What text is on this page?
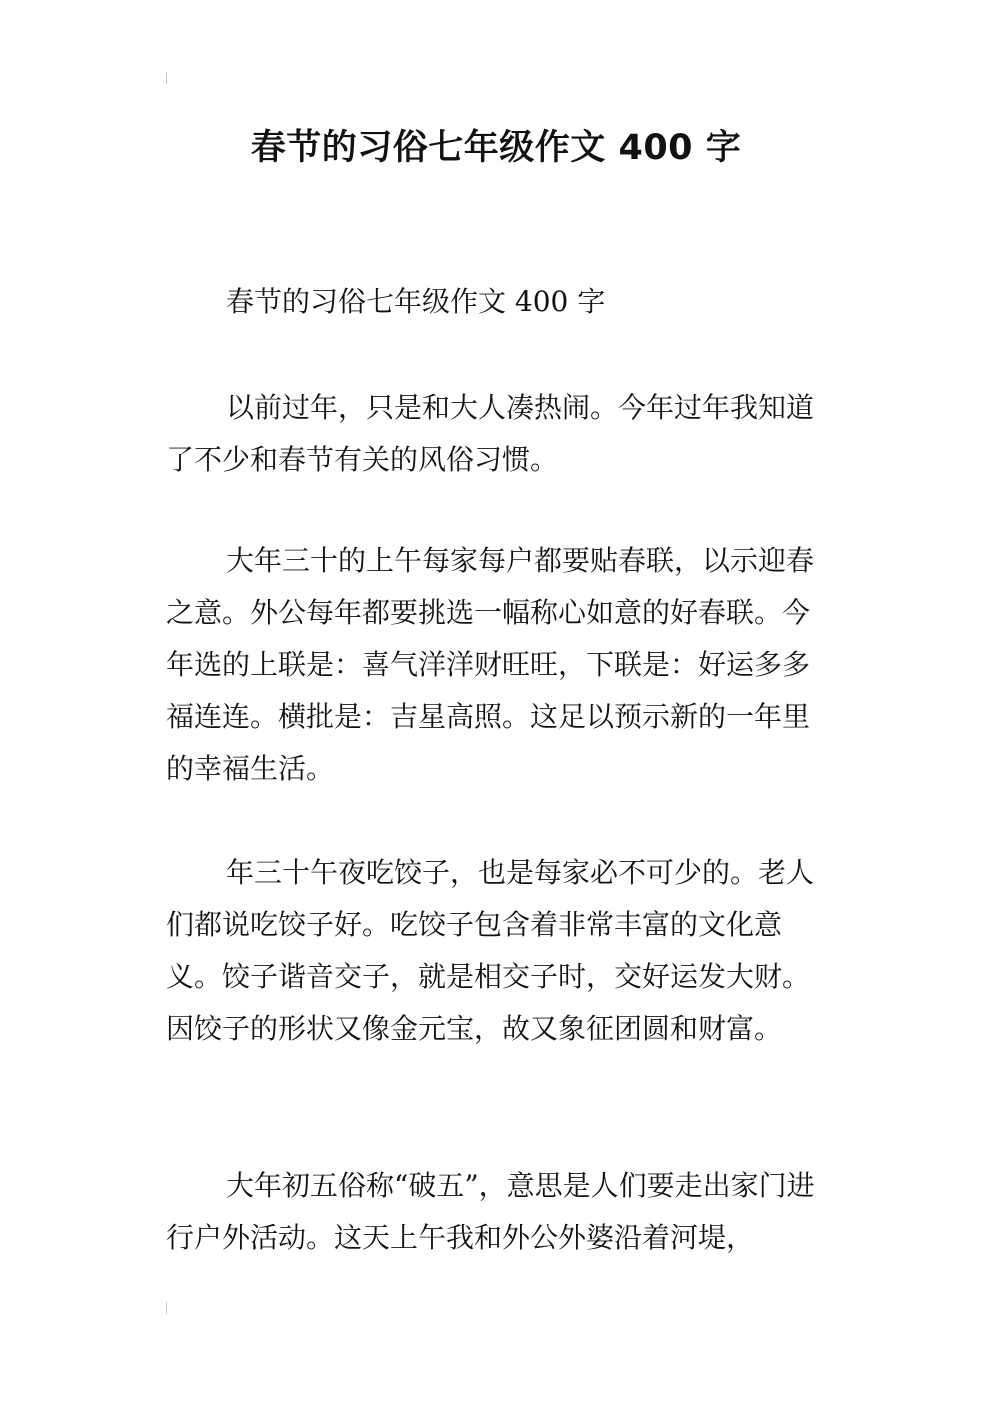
春节的习俗七年级作文 400 字

春节的习俗七年级作文 400 字

以前过年，只是和大人凑热闹。今年过年我知道了不少和春节有关的风俗习惯。

大年三十的上午每家每户都要贴春联，以示迎春之意。外公每年都要挑选一幅称心如意的好春联。今年选的上联是：喜气洋洋财旺旺，下联是：好运多多福连连。横批是：吉星高照。这足以预示新的一年里的幸福生活。

年三十午夜吃饺子，也是每家必不可少的。老人们都说吃饺子好。吃饺子包含着非常丰富的文化意义。饺子谐音交子，就是相交子时，交好运发大财。因饺子的形状又像金元宝，故又象征团圆和财富。

大年初五俗称“破五”，意思是人们要走出家门进行户外活动。这天上午我和外公外婆沿着河堤，
